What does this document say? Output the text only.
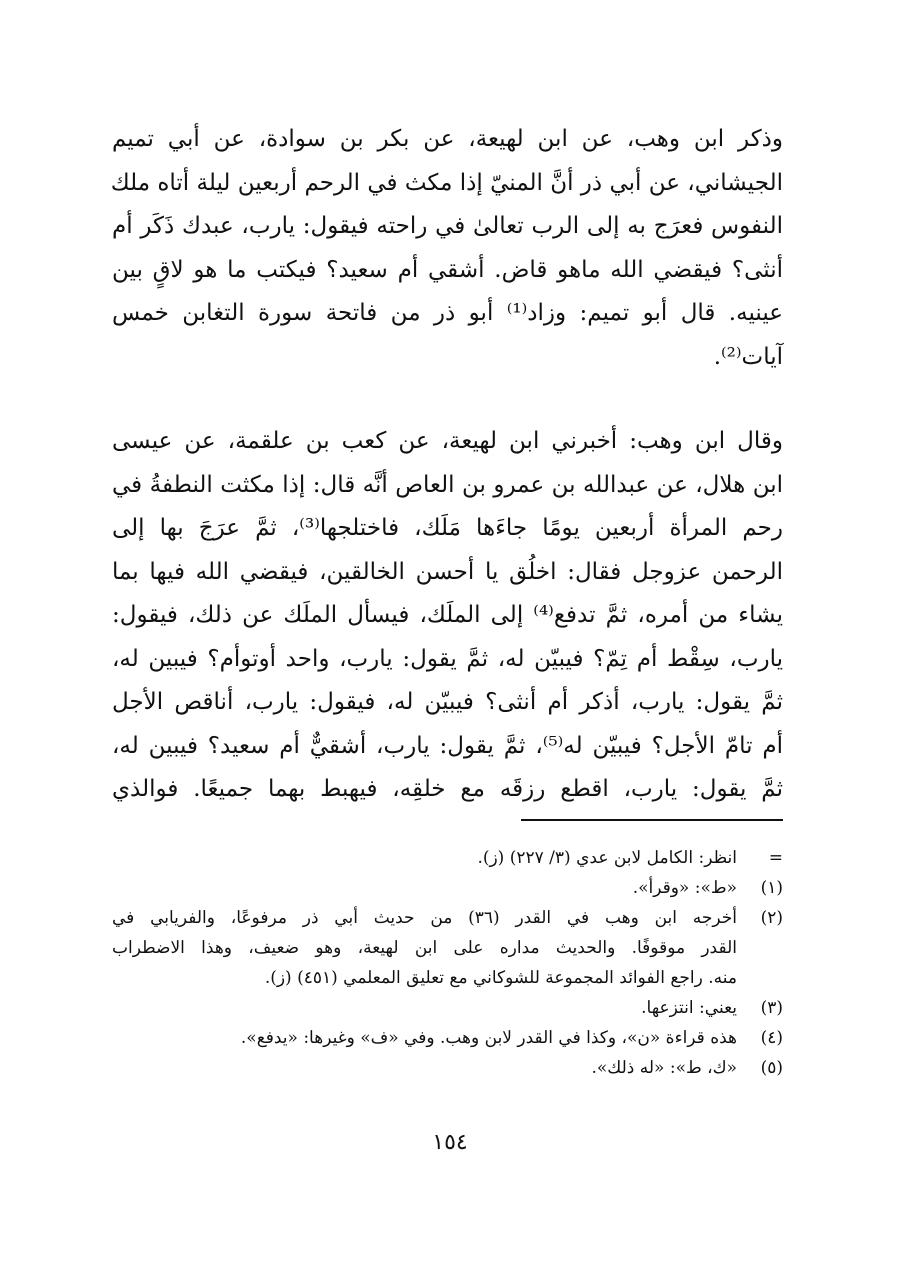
وذكر ابن وهب، عن ابن لهيعة، عن بكر بن سوادة، عن أبي تميم
الجيشاني، عن أبي ذر أنَّ المنيّ إذا مكث في الرحم أربعين ليلة أتاه ملك
النفوس فعرَج به إلى الرب تعالىٰ في راحته فيقول: يارب، عبدك ذَكَر أم
أنثى؟ فيقضي الله ماهو قاض. أشقي أم سعيد؟ فيكتب ما هو لاقٍ بين
عينيه. قال أبو تميم: وزاد⁽¹⁾ أبو ذر من فاتحة سورة التغابن خمس
آيات⁽²⁾.
وقال ابن وهب: أخبرني ابن لهيعة، عن كعب بن علقمة، عن عيسى
ابن هلال، عن عبدالله بن عمرو بن العاص أنَّه قال: إذا مكثت النطفةُ في
رحم المرأة أربعين يومًا جاءَها مَلَك، فاختلجها⁽³⁾، ثمَّ عرَجَ بها إلى
الرحمن عزوجل فقال: اخلُق يا أحسن الخالقين، فيقضي الله فيها بما
يشاء من أمره، ثمَّ تدفع⁽⁴⁾ إلى الملَك، فيسأل الملَك عن ذلك، فيقول:
يارب، سِقْط أم تِمّ؟ فيبيّن له، ثمَّ يقول: يارب، واحد أوتوأم؟ فيبين له،
ثمَّ يقول: يارب، أذكر أم أنثى؟ فيبيّن له، فيقول: يارب، أناقص الأجل
أم تامّ الأجل؟ فيبيّن له⁽⁵⁾، ثمَّ يقول: يارب، أشقيٌّ أم سعيد؟ فيبين له،
ثمَّ يقول: يارب، اقطع رزقَه مع خلقِه، فيهبط بهما جميعًا. فوالذي
=
انظر: الكامل لابن عدي (٣/ ٢٢٧) (ز).
(١)
«ط»: «وقرأ».
(٢)
أخرجه ابن وهب في القدر (٣٦) من حديث أبي ذر مرفوعًا، والفريابي في
القدر موقوفًا. والحديث مداره على ابن لهيعة، وهو ضعيف، وهذا الاضطراب
منه. راجع الفوائد المجموعة للشوكاني مع تعليق المعلمي (٤٥١) (ز).
(٣)
يعني: انتزعها.
(٤)
هذه قراءة «ن»، وكذا في القدر لابن وهب. وفي «ف» وغيرها: «يدفع».
(٥)
«ك، ط»: «له ذلك».
١٥٤
